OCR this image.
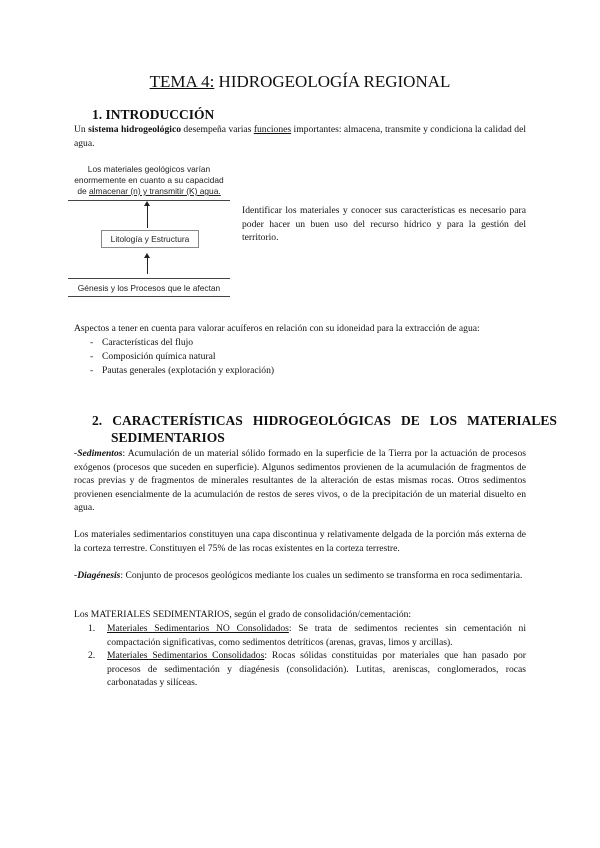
TEMA 4: HIDROGEOLOGÍA REGIONAL
1. INTRODUCCIÓN
Un sistema hidrogeológico desempeña varias funciones importantes: almacena, transmite y condiciona la calidad del agua.
Los materiales geológicos varían
enormemente en cuanto a su capacidad
de almacenar (n) y transmitir (K) agua.
Litología y Estructura
Génesis y los Procesos que le afectan
Identificar los materiales y conocer sus características es necesario para poder hacer un buen uso del recurso hídrico y para la gestión del territorio.
Aspectos a tener en cuenta para valorar acuíferos en relación con su idoneidad para la extracción de agua:
- Características del flujo
- Composición química natural
- Pautas generales (explotación y exploración)
2.   CARACTERÍSTICAS   HIDROGEOLÓGICAS   DE   LOS   MATERIALES
SEDIMENTARIOS
-Sedimentos: Acumulación de un material sólido formado en la superficie de la Tierra por la actuación de procesos exógenos (procesos que suceden en superficie). Algunos sedimentos provienen de la acumulación de fragmentos de rocas previas y de fragmentos de minerales resultantes de la alteración de estas mismas rocas. Otros sedimentos provienen esencialmente de la acumulación de restos de seres vivos, o de la precipitación de un material disuelto en agua.
Los materiales sedimentarios constituyen una capa discontinua y relativamente delgada de la porción más externa de la corteza terrestre. Constituyen el 75% de las rocas existentes en la corteza terrestre.
-Diagénesis: Conjunto de procesos geológicos mediante los cuales un sedimento se transforma en roca sedimentaria.
Los MATERIALES SEDIMENTARIOS, según el grado de consolidación/cementación:
1. Materiales Sedimentarios NO Consolidados: Se trata de sedimentos recientes sin cementación ni compactación significativas, como sedimentos detríticos (arenas, gravas, limos y arcillas).
2. Materiales Sedimentarios Consolidados: Rocas sólidas constituidas por materiales que han pasado por procesos de sedimentación y diagénesis (consolidación). Lutitas, areniscas, conglomerados, rocas carbonatadas y silíceas.
